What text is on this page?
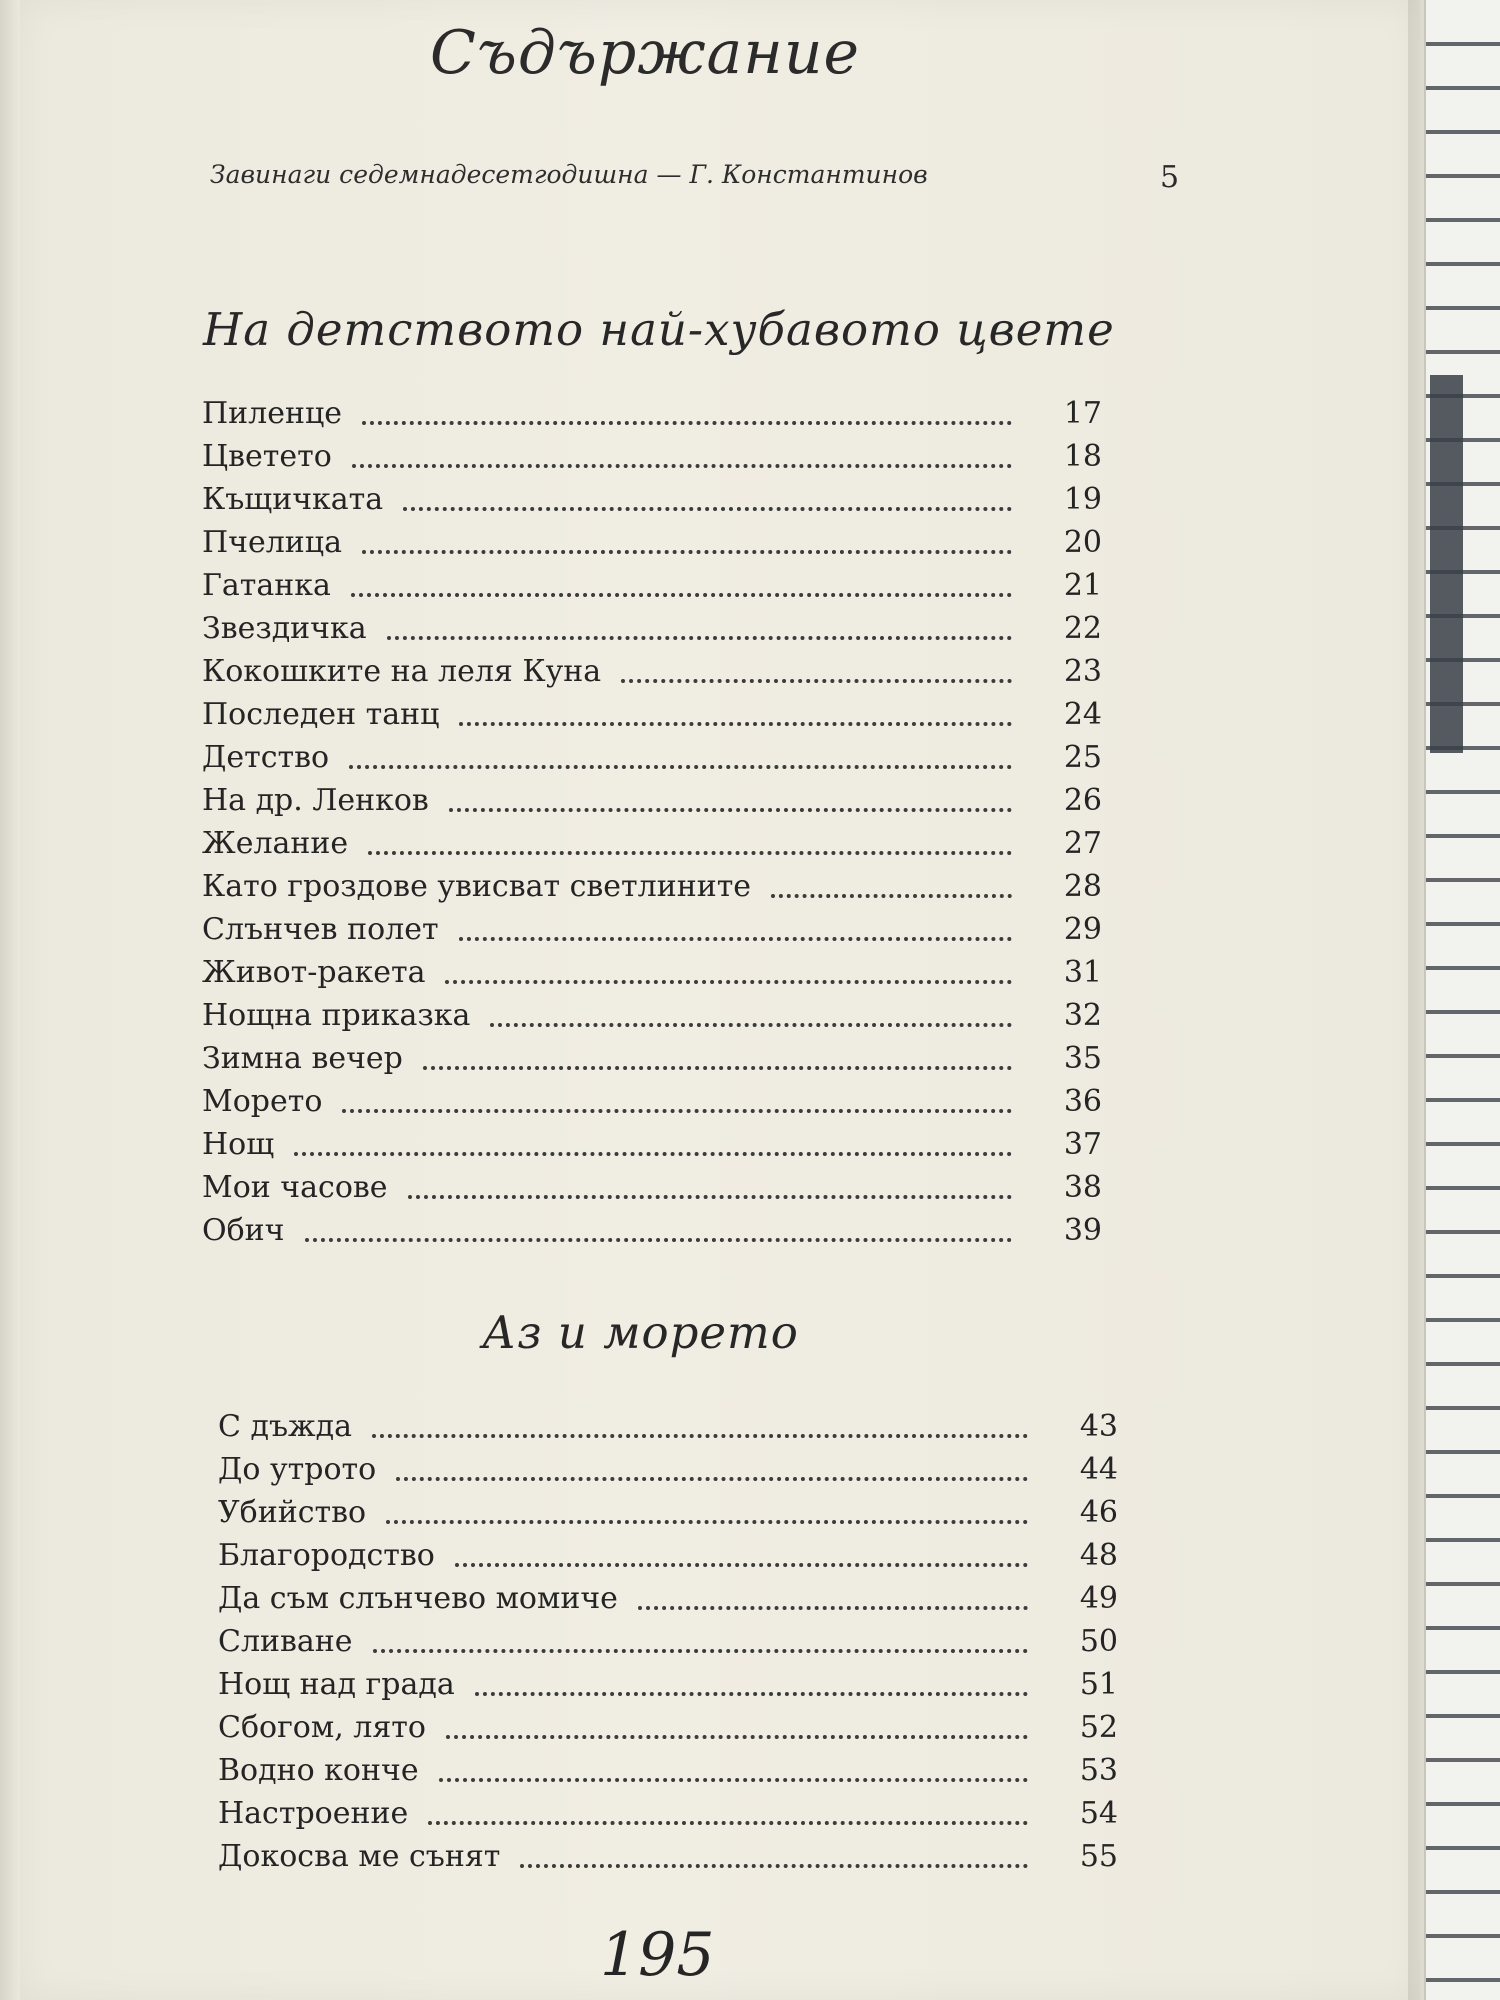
Съдържание
Завинаги седемнадесетгодишна — Г. Константинов	5
На детството най-хубавото цвете
Пиленце	17
Цветето	18
Къщичката	19
Пчелица	20
Гатанка	21
Звездичка	22
Кокошките на леля Куна	23
Последен танц	24
Детство	25
На др. Ленков	26
Желание	27
Като гроздове увисват светлините	28
Слънчев полет	29
Живот-ракета	31
Нощна приказка	32
Зимна вечер	35
Морето	36
Нощ	37
Мои часове	38
Обич	39
Аз и морето
С дъжда	43
До утрото	44
Убийство	46
Благородство	48
Да съм слънчево момиче	49
Сливане	50
Нощ над града	51
Сбогом, лято	52
Водно конче	53
Настроение	54
Докосва ме сънят	55
195
